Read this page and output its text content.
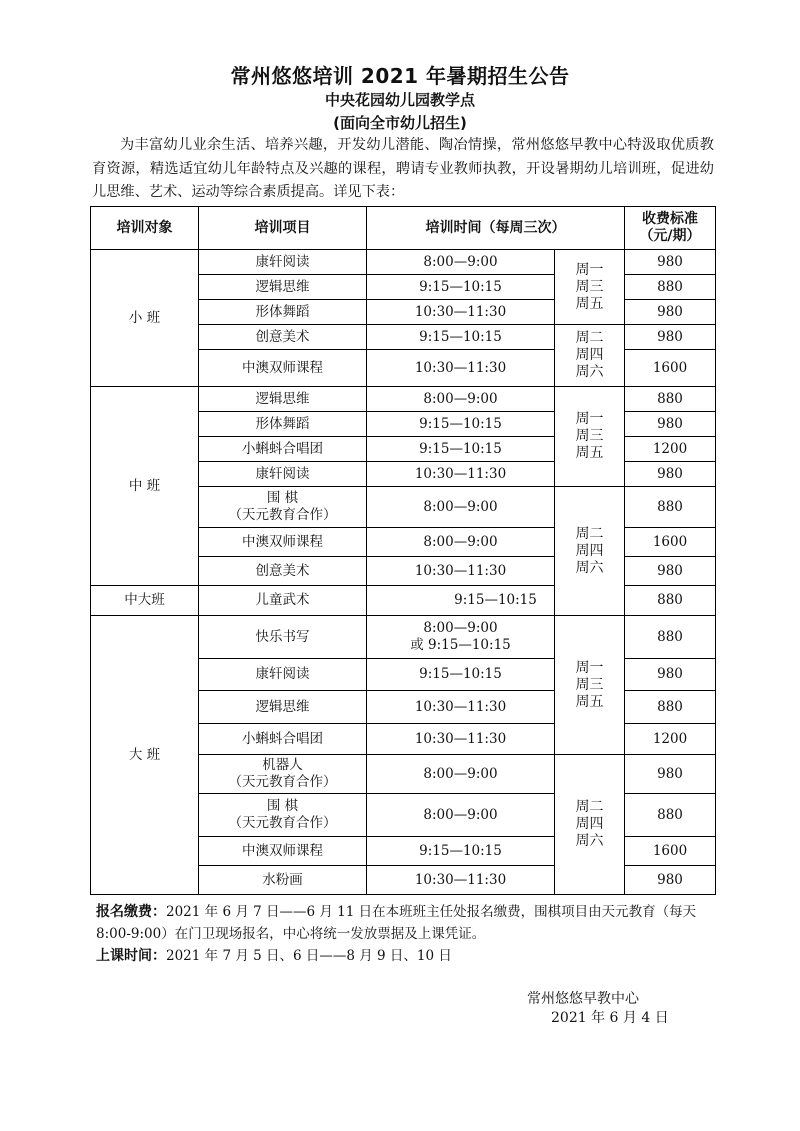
常州悠悠培训 2021 年暑期招生公告
中央花园幼儿园教学点
(面向全市幼儿招生)
为丰富幼儿业余生活、培养兴趣，开发幼儿潜能、陶冶情操，常州悠悠早教中心特汲取优质教育资源，精选适宜幼儿年龄特点及兴趣的课程，聘请专业教师执教，开设暑期幼儿培训班，促进幼儿思维、艺术、运动等综合素质提高。详见下表：
培训对象	培训项目	培训时间（每周三次）		收费标准
（元/期）
小 班	康轩阅读	8:00—9:00	周一
周三
周五	980
	逻辑思维	9:15—10:15		880
	形体舞蹈	10:30—11:30		980
	创意美术	9:15—10:15	周二
周四
周六	980
	中澳双师课程	10:30—11:30		1600
中 班	逻辑思维	8:00—9:00	周一
周三
周五	880
	形体舞蹈	9:15—10:15		980
	小蝌蚪合唱团	9:15—10:15		1200
	康轩阅读	10:30—11:30		980
	围 棋
（天元教育合作）	8:00—9:00	周二
周四
周六	880
	中澳双师课程	8:00—9:00		1600
	创意美术	10:30—11:30		980
中大班	儿童武术	9:15—10:15		880
大 班	快乐书写	8:00—9:00
或 9:15—10:15	周一
周三
周五	880
	康轩阅读	9:15—10:15		980
	逻辑思维	10:30—11:30		880
	小蝌蚪合唱团	10:30—11:30		1200
	机器人
（天元教育合作）	8:00—9:00	周二
周四
周六	980
	围 棋
（天元教育合作）	8:00—9:00		880
	中澳双师课程	9:15—10:15		1600
	水粉画	10:30—11:30		980
报名缴费：2021 年 6 月 7 日——6 月 11 日在本班班主任处报名缴费，围棋项目由天元教育（每天 8:00-9:00）在门卫现场报名，中心将统一发放票据及上课凭证。
上课时间：2021 年 7 月 5 日、6 日——8 月 9 日、10 日
常州悠悠早教中心
2021 年 6 月 4 日
